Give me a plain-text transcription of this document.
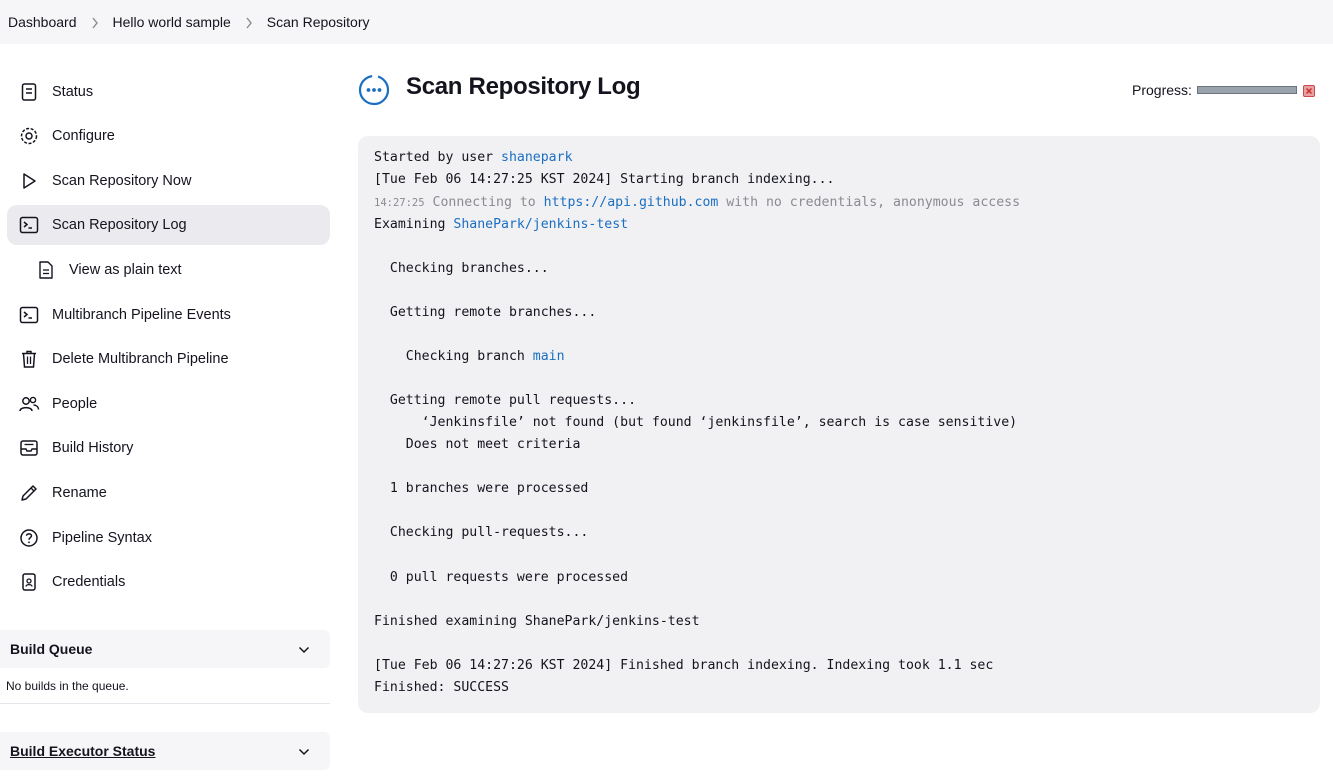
Dashboard	Hello world sample	Scan Repository
Status
Configure
Scan Repository Now
Scan Repository Log
View as plain text
Multibranch Pipeline Events
Delete Multibranch Pipeline
People
Build History
Rename
Pipeline Syntax
Credentials
Build Queue
No builds in the queue.
Build Executor Status
Scan Repository Log	Progress:
Started by user shanepark
[Tue Feb 06 14:27:25 KST 2024] Starting branch indexing...
14:27:25 Connecting to https://api.github.com with no credentials, anonymous access
Examining ShanePark/jenkins-test
Checking branches...
Getting remote branches...
Checking branch main
Getting remote pull requests...
‘Jenkinsfile’ not found (but found ‘jenkinsfile’, search is case sensitive)
Does not meet criteria
1 branches were processed
Checking pull-requests...
0 pull requests were processed
Finished examining ShanePark/jenkins-test
[Tue Feb 06 14:27:26 KST 2024] Finished branch indexing. Indexing took 1.1 sec
Finished: SUCCESS
